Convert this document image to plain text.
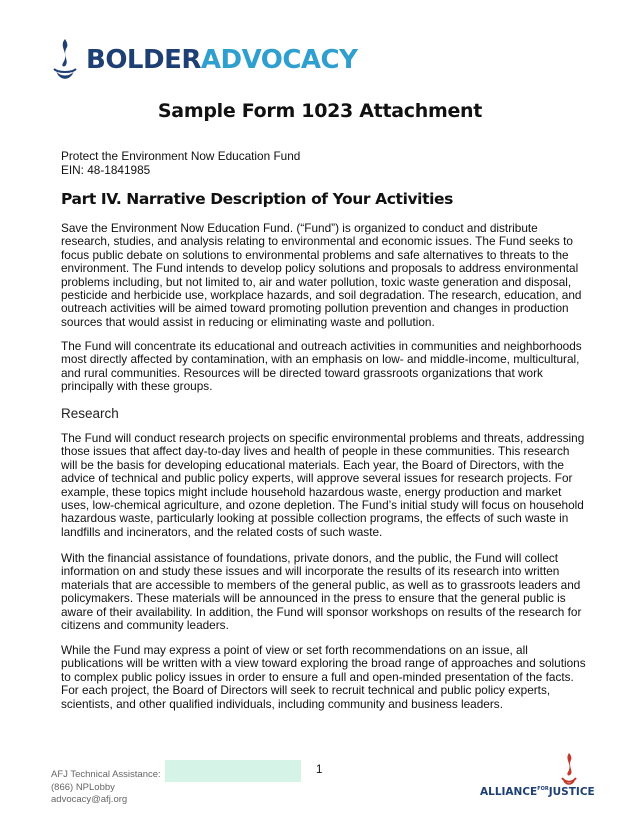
BOLDERADVOCACY
Sample Form 1023 Attachment
Protect the Environment Now Education Fund
EIN: 48-1841985
Part IV. Narrative Description of Your Activities

Save the Environment Now Education Fund. (“Fund”) is organized to conduct and distribute research, studies, and analysis relating to environmental and economic issues. The Fund seeks to focus public debate on solutions to environmental problems and safe alternatives to threats to the environment. The Fund intends to develop policy solutions and proposals to address environmental problems including, but not limited to, air and water pollution, toxic waste generation and disposal, pesticide and herbicide use, workplace hazards, and soil degradation. The research, education, and outreach activities will be aimed toward promoting pollution prevention and changes in production sources that would assist in reducing or eliminating waste and pollution.

The Fund will concentrate its educational and outreach activities in communities and neighborhoods most directly affected by contamination, with an emphasis on low- and middle-income, multicultural, and rural communities. Resources will be directed toward grassroots organizations that work principally with these groups.

Research

The Fund will conduct research projects on specific environmental problems and threats, addressing those issues that affect day-to-day lives and health of people in these communities. This research will be the basis for developing educational materials. Each year, the Board of Directors, with the advice of technical and public policy experts, will approve several issues for research projects. For example, these topics might include household hazardous waste, energy production and market uses, low-chemical agriculture, and ozone depletion. The Fund’s initial study will focus on household hazardous waste, particularly looking at possible collection programs, the effects of such waste in landfills and incinerators, and the related costs of such waste.

With the financial assistance of foundations, private donors, and the public, the Fund will collect information on and study these issues and will incorporate the results of its research into written materials that are accessible to members of the general public, as well as to grassroots leaders and policymakers. These materials will be announced in the press to ensure that the general public is aware of their availability. In addition, the Fund will sponsor workshops on results of the research for citizens and community leaders.

While the Fund may express a point of view or set forth recommendations on an issue, all publications will be written with a view toward exploring the broad range of approaches and solutions to complex public policy issues in order to ensure a full and open-minded presentation of the facts. For each project, the Board of Directors will seek to recruit technical and public policy experts, scientists, and other qualified individuals, including community and business leaders.

AFJ Technical Assistance:
(866) NPLobby
advocacy@afj.org
1
$ALLIANCE^{FOR}JUSTICE$
